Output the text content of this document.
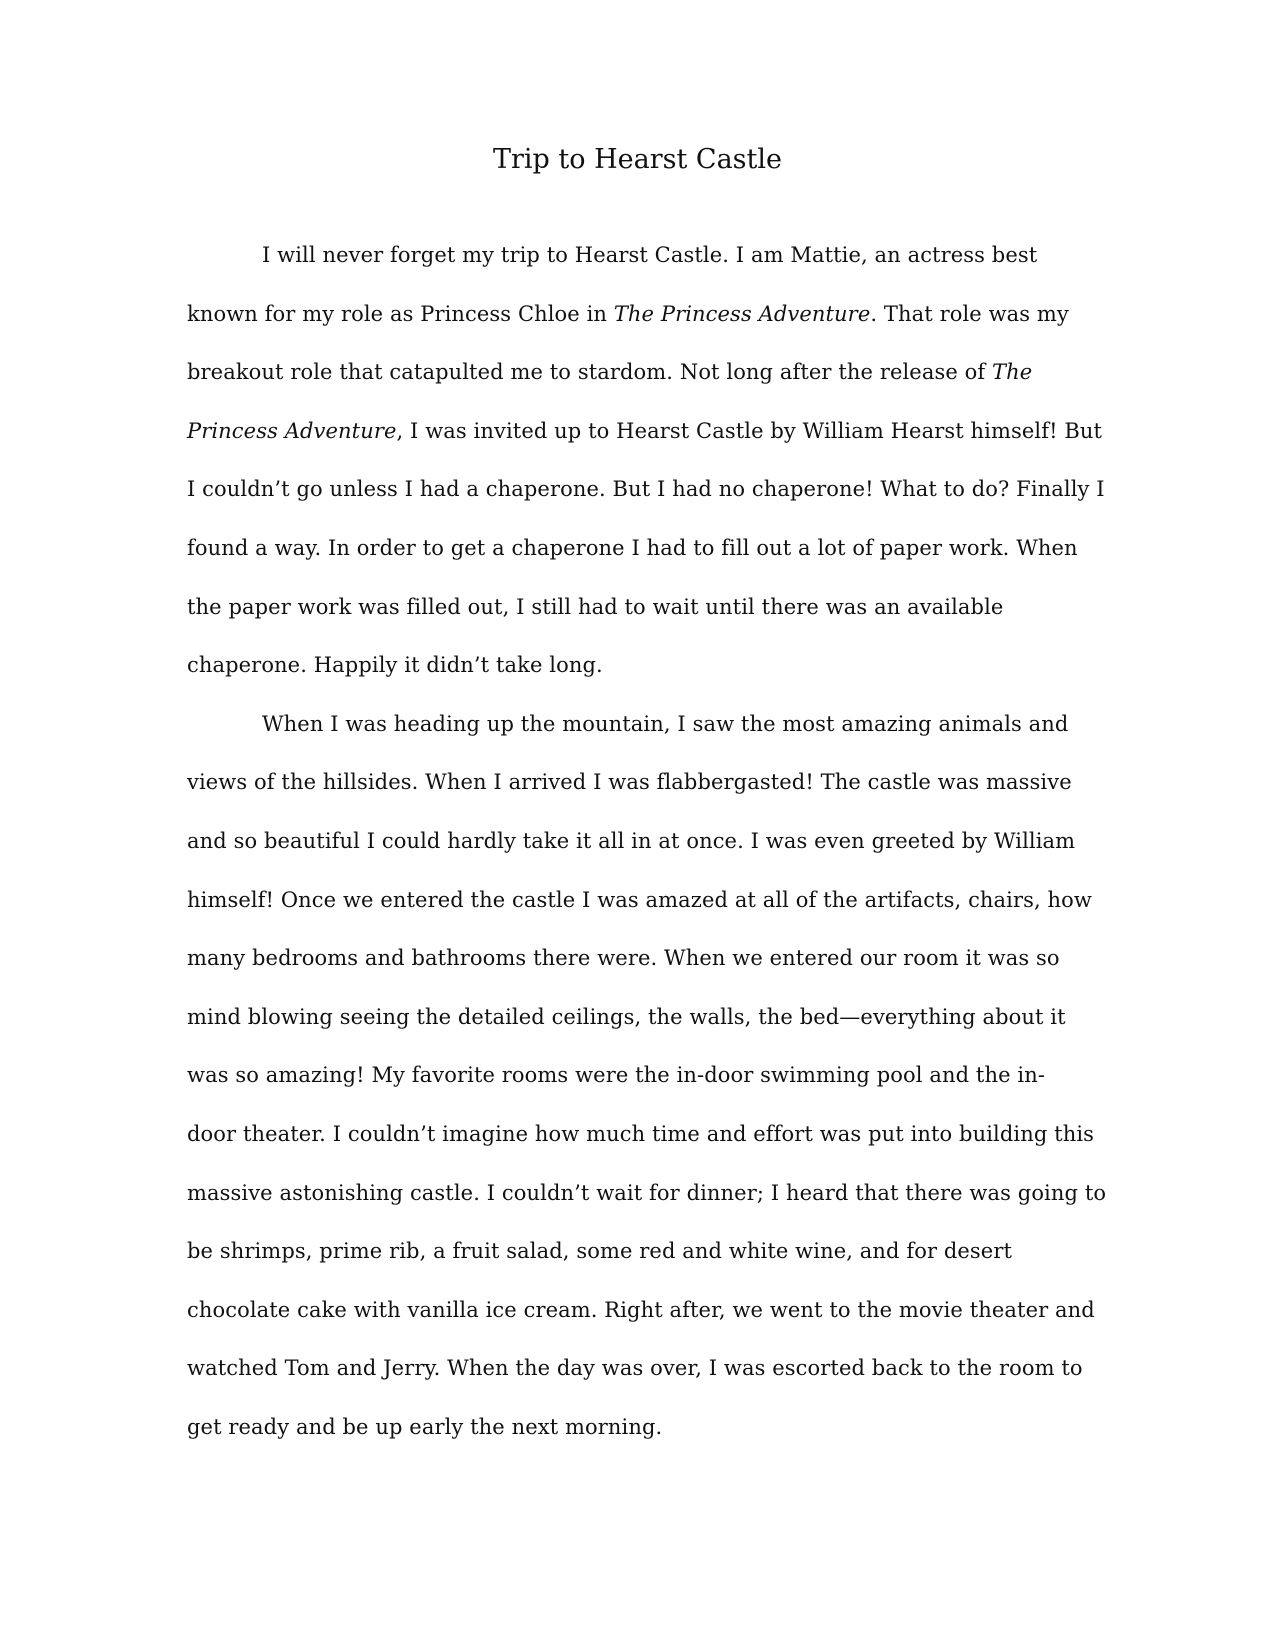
Trip to Hearst Castle
I will never forget my trip to Hearst Castle. I am Mattie, an actress best
known for my role as Princess Chloe in The Princess Adventure. That role was my
breakout role that catapulted me to stardom. Not long after the release of The
Princess Adventure, I was invited up to Hearst Castle by William Hearst himself! But
I couldn’t go unless I had a chaperone. But I had no chaperone! What to do? Finally I
found a way. In order to get a chaperone I had to fill out a lot of paper work. When
the paper work was filled out, I still had to wait until there was an available
chaperone. Happily it didn’t take long.
When I was heading up the mountain, I saw the most amazing animals and
views of the hillsides. When I arrived I was flabbergasted! The castle was massive
and so beautiful I could hardly take it all in at once. I was even greeted by William
himself! Once we entered the castle I was amazed at all of the artifacts, chairs, how
many bedrooms and bathrooms there were. When we entered our room it was so
mind blowing seeing the detailed ceilings, the walls, the bed—everything about it
was so amazing! My favorite rooms were the in-door swimming pool and the in-
door theater. I couldn’t imagine how much time and effort was put into building this
massive astonishing castle. I couldn’t wait for dinner; I heard that there was going to
be shrimps, prime rib, a fruit salad, some red and white wine, and for desert
chocolate cake with vanilla ice cream. Right after, we went to the movie theater and
watched Tom and Jerry. When the day was over, I was escorted back to the room to
get ready and be up early the next morning.
